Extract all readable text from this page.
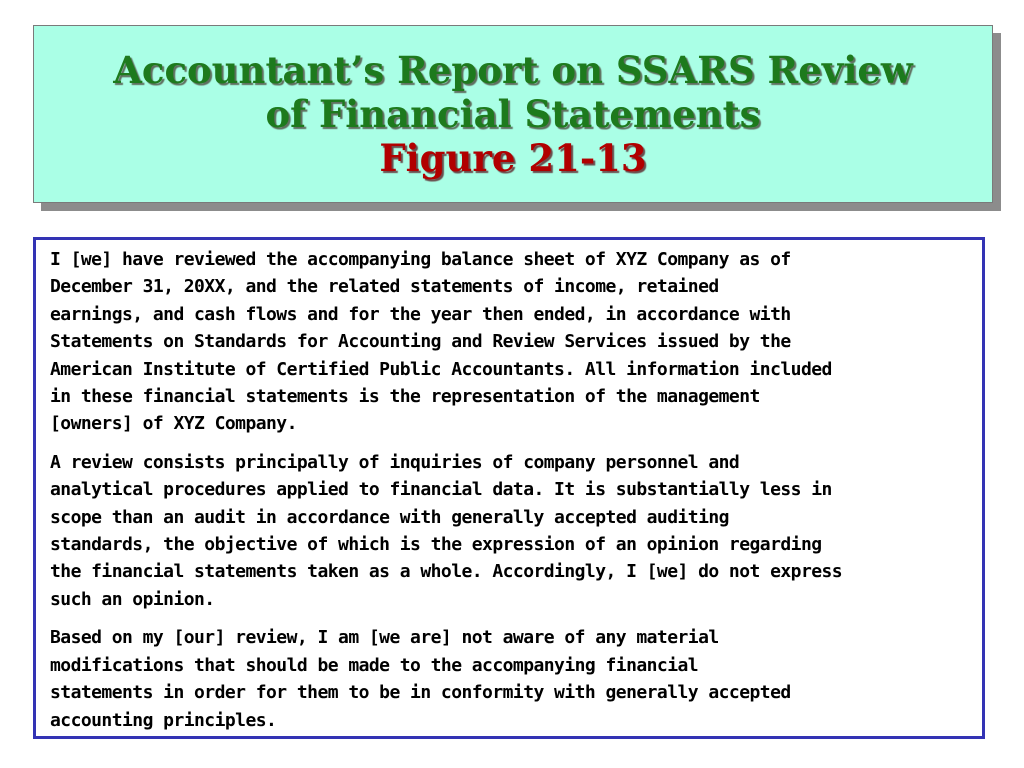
Accountant’s Report on SSARS Review
of Financial Statements
Figure 21-13

I [we] have reviewed the accompanying balance sheet of XYZ Company as of
December 31, 20XX, and the related statements of income, retained
earnings, and cash flows and for the year then ended, in accordance with
Statements on Standards for Accounting and Review Services issued by the
American Institute of Certified Public Accountants. All information included
in these financial statements is the representation of the management
[owners] of XYZ Company.

A review consists principally of inquiries of company personnel and
analytical procedures applied to financial data. It is substantially less in
scope than an audit in accordance with generally accepted auditing
standards, the objective of which is the expression of an opinion regarding
the financial statements taken as a whole. Accordingly, I [we] do not express
such an opinion.

Based on my [our] review, I am [we are] not aware of any material
modifications that should be made to the accompanying financial
statements in order for them to be in conformity with generally accepted
accounting principles.
